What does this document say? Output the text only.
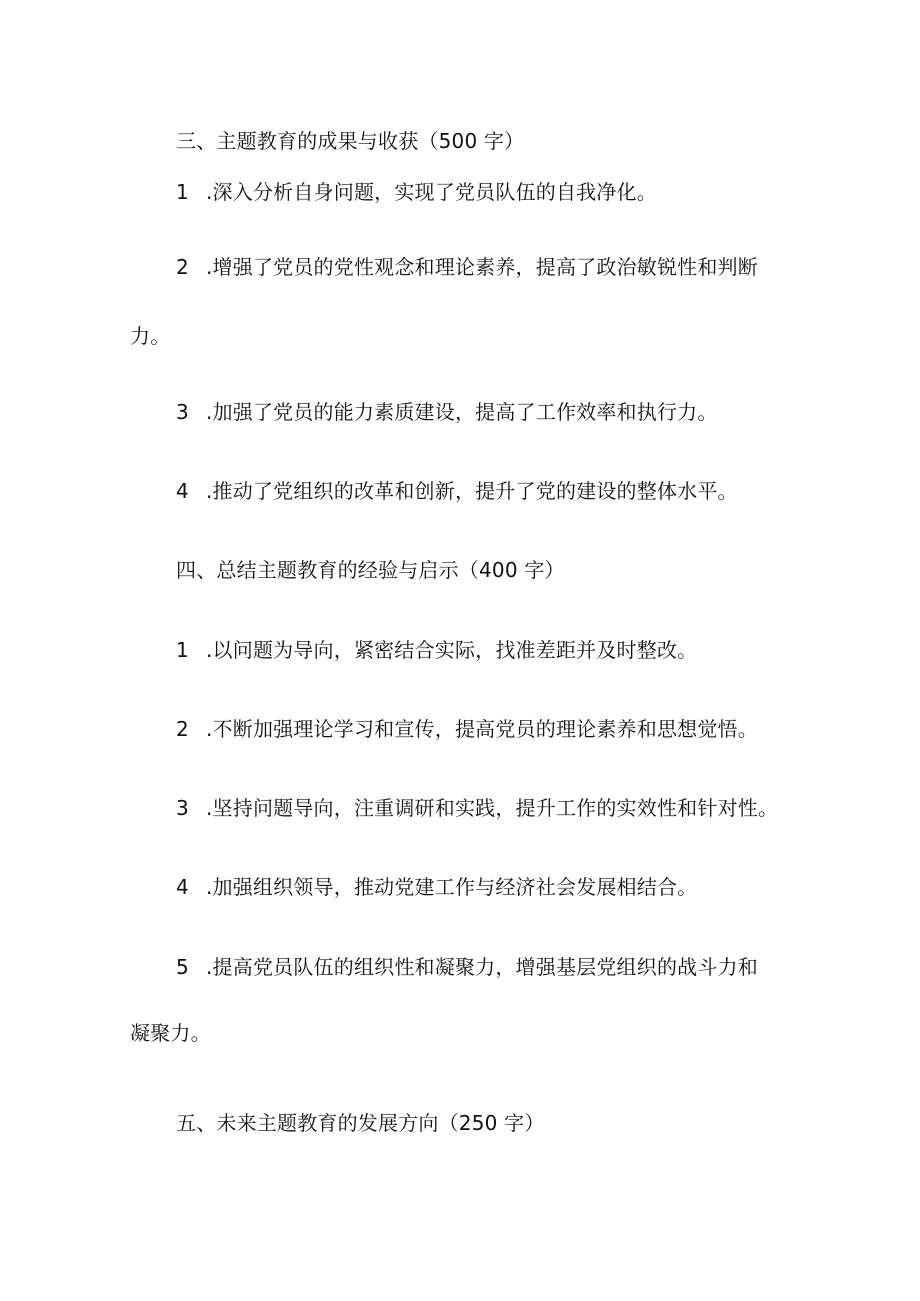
三、主题教育的成果与收获（500 字）
1 .深入分析自身问题，实现了党员队伍的自我净化。
2 .增强了党员的党性观念和理论素养，提高了政治敏锐性和判断
力。
3 .加强了党员的能力素质建设，提高了工作效率和执行力。
4 .推动了党组织的改革和创新，提升了党的建设的整体水平。
四、总结主题教育的经验与启示（400 字）
1 .以问题为导向，紧密结合实际，找准差距并及时整改。
2 .不断加强理论学习和宣传，提高党员的理论素养和思想觉悟。
3 .坚持问题导向，注重调研和实践，提升工作的实效性和针对性。
4 .加强组织领导，推动党建工作与经济社会发展相结合。
5 .提高党员队伍的组织性和凝聚力，增强基层党组织的战斗力和
凝聚力。
五、未来主题教育的发展方向（250 字）
